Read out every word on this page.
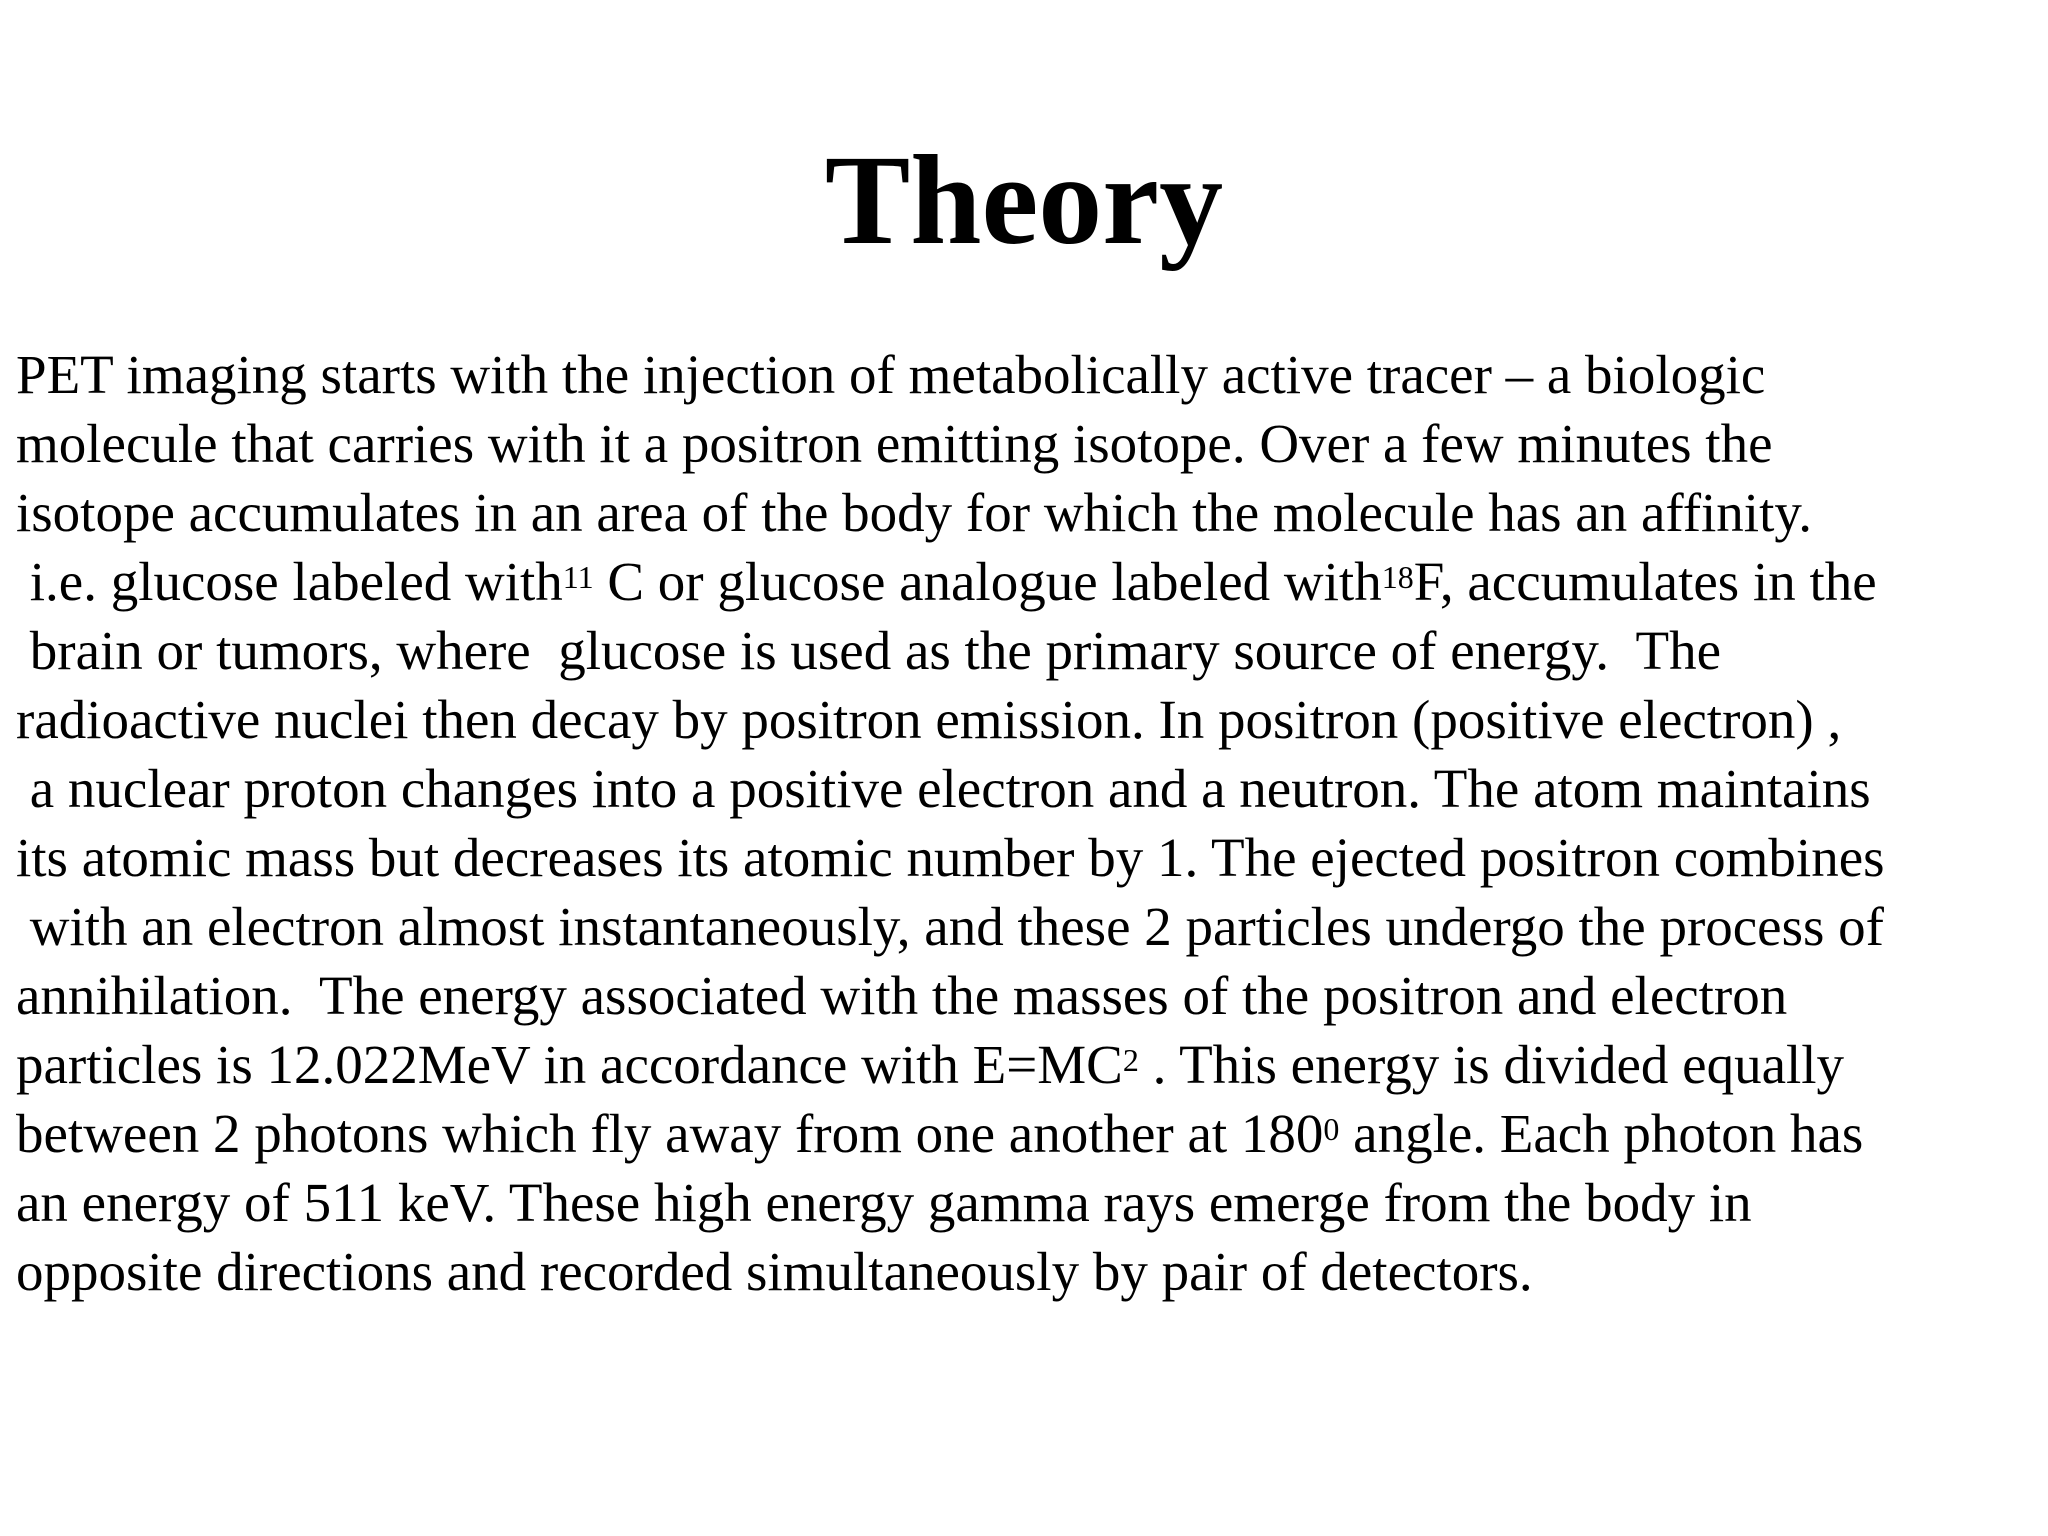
Theory
PET imaging starts with the injection of metabolically active tracer – a biologic
molecule that carries with it a positron emitting isotope. Over a few minutes the
isotope accumulates in an area of the body for which the molecule has an affinity.
i.e. glucose labeled with$^{11}$ C or glucose analogue labeled with$^{18}$F, accumulates in the
brain or tumors, where  glucose is used as the primary source of energy.  The
radioactive nuclei then decay by positron emission. In positron (positive electron) ,
a nuclear proton changes into a positive electron and a neutron. The atom maintains
its atomic mass but decreases its atomic number by 1. The ejected positron combines
with an electron almost instantaneously, and these 2 particles undergo the process of
annihilation.  The energy associated with the masses of the positron and electron
particles is 12.022MeV in accordance with $E=MC^2$ . This energy is divided equally
between 2 photons which fly away from one another at $180^0$ angle. Each photon has
an energy of 511 keV. These high energy gamma rays emerge from the body in
opposite directions and recorded simultaneously by pair of detectors.
